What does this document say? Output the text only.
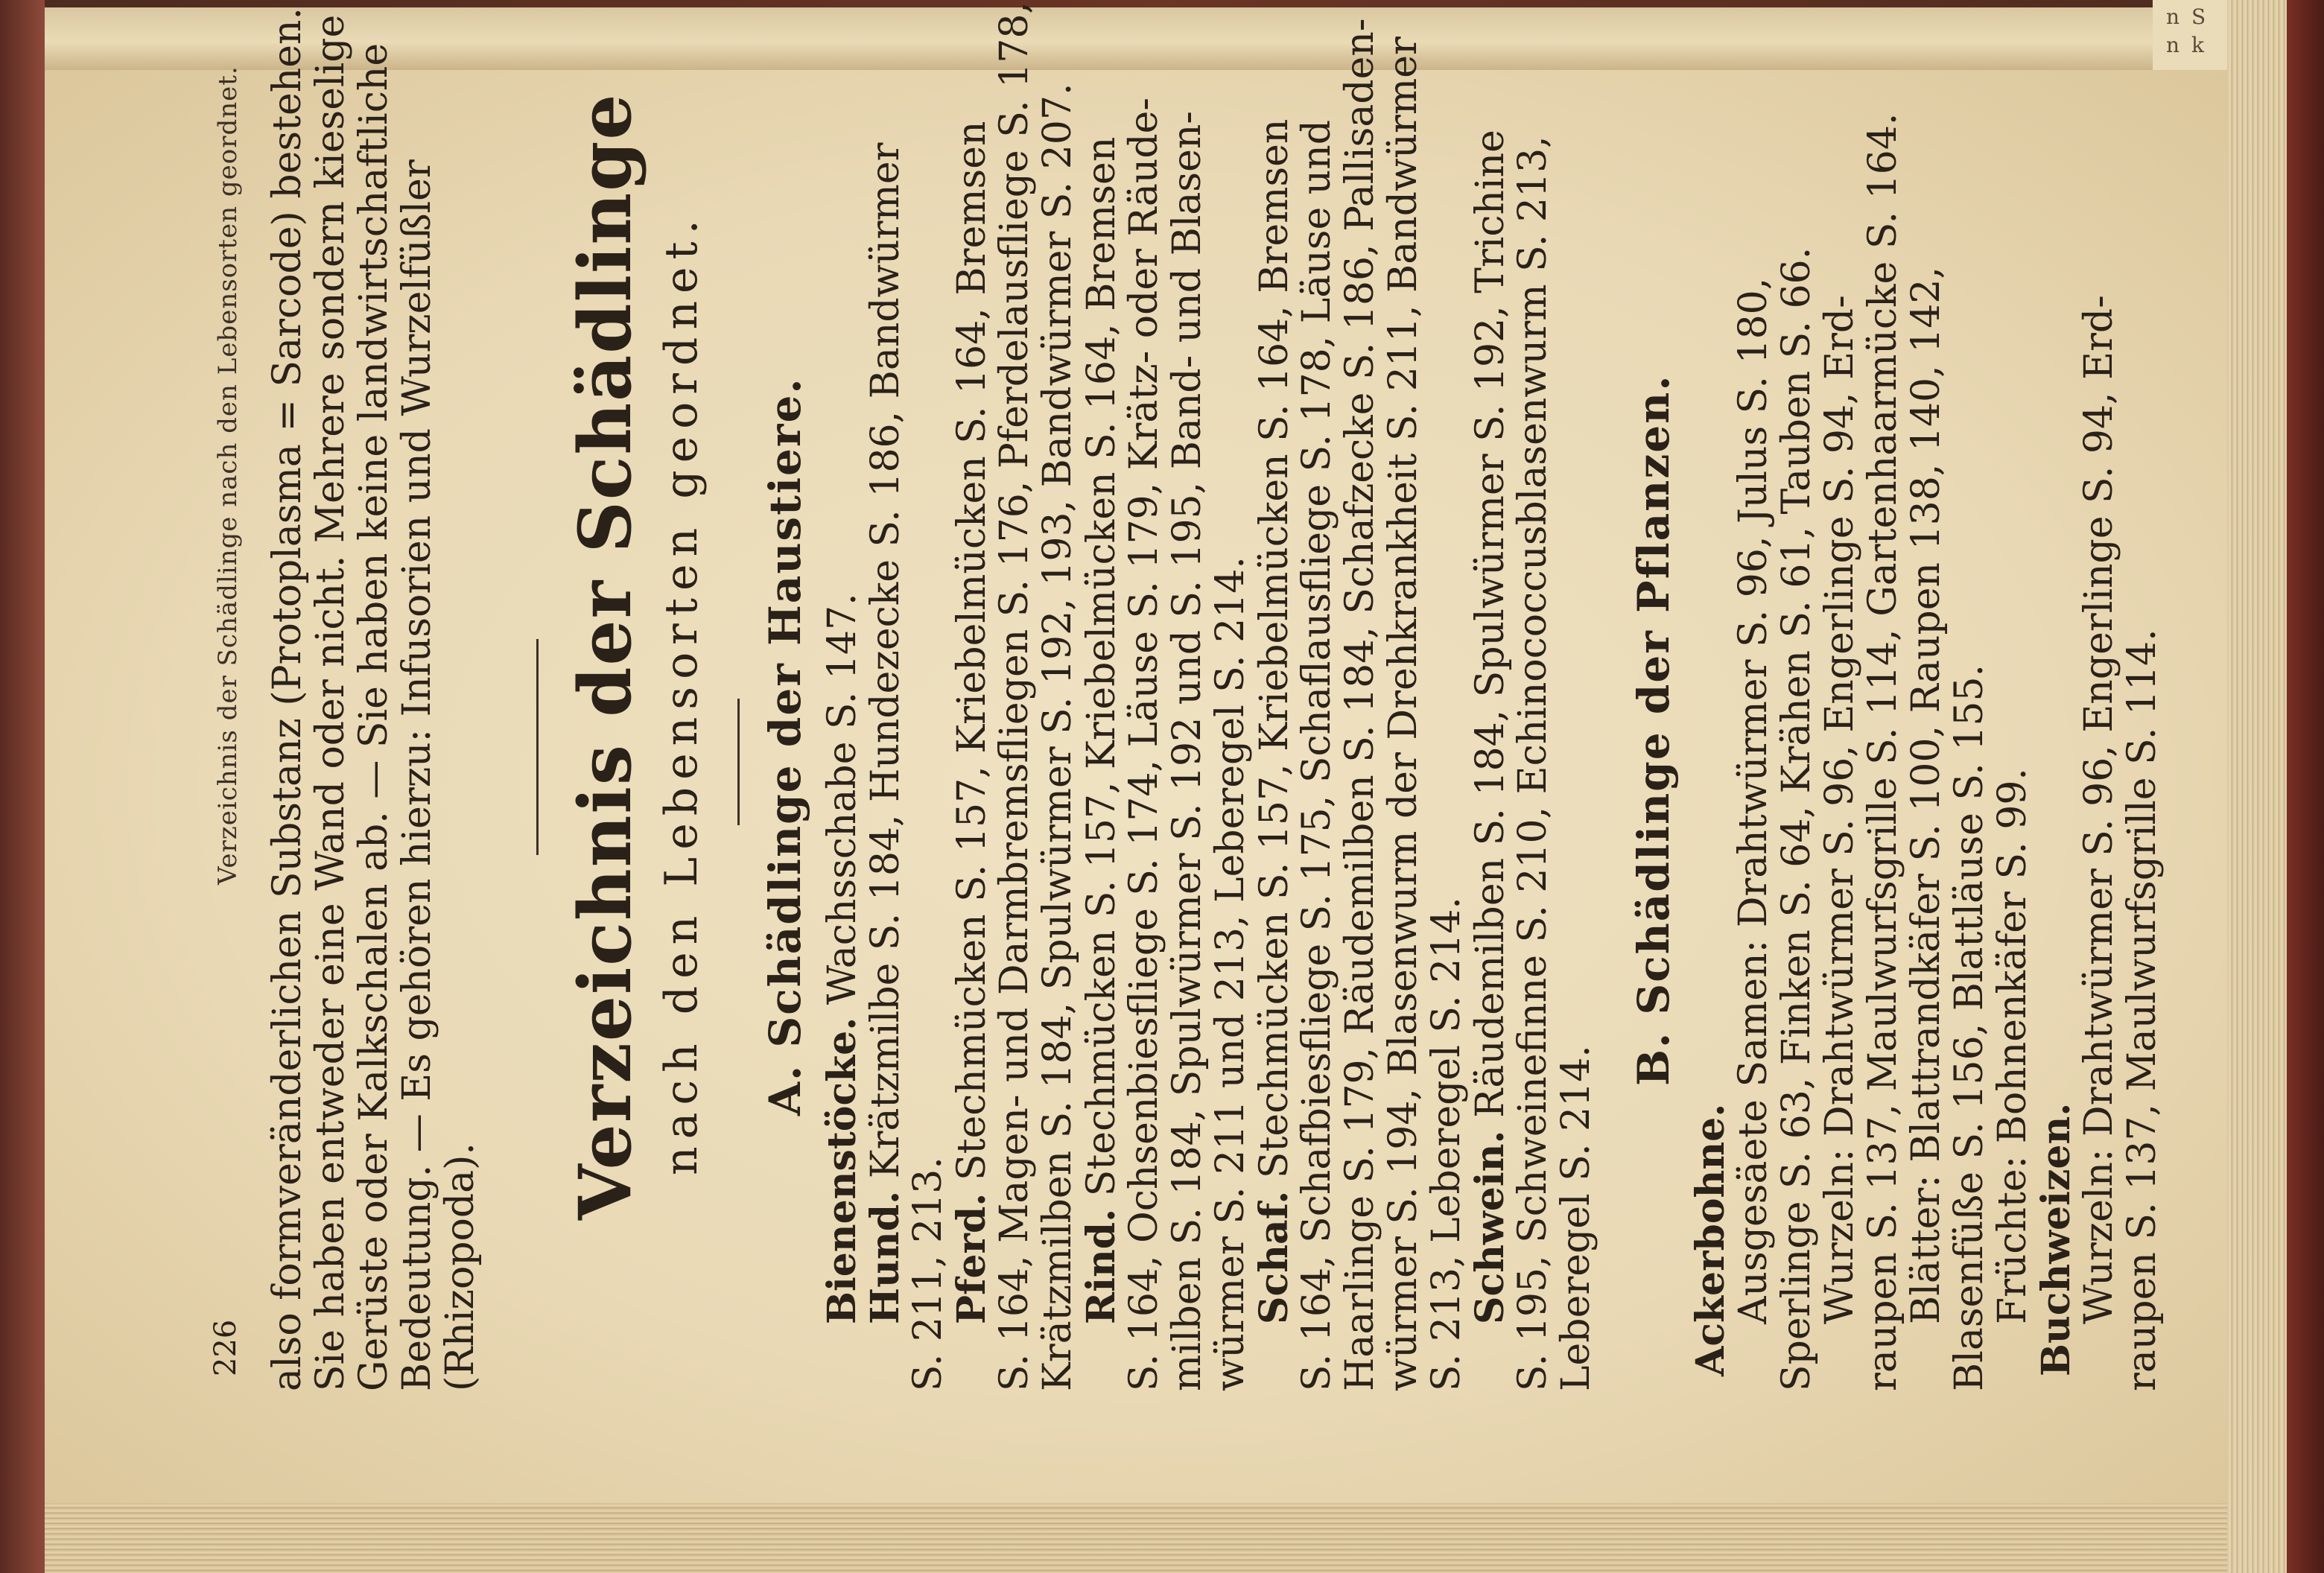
n S
n k
226
Verzeichnis der Schädlinge nach den Lebensorten geordnet. also formveränderlichen Substanz (Protoplasma = Sarcode) bestehen.
Sie haben entweder eine Wand oder nicht. Mehrere sondern kieselige
Gerüste oder Kalkschalen ab. — Sie haben keine landwirtschaftliche
Bedeutung. — Es gehören hierzu: Infusorien und Wurzelfüßler
(Rhizopoda).
Verzeichnis der Schädlinge nach den Lebensorten geordnet. A. Schädlinge der Haustiere.
Bienenstöcke. Wachsschabe S. 147.
Hund. Krätzmilbe S. 184, Hundezecke S. 186, Bandwürmer
S. 211, 213.
Pferd. Stechmücken S. 157, Kriebelmücken S. 164, Bremsen
S. 164, Magen- und Darmbremsfliegen S. 176, Pferdelausfliege S. 178,
Krätzmilben S. 184, Spulwürmer S. 192, 193, Bandwürmer S. 207.
Rind. Stechmücken S. 157, Kriebelmücken S. 164, Bremsen
S. 164, Ochsenbiesfliege S. 174, Läuse S. 179, Krätz- oder Räude-
milben S. 184, Spulwürmer S. 192 und S. 195, Band- und Blasen-
würmer S. 211 und 213, Leberegel S. 214.
Schaf. Stechmücken S. 157, Kriebelmücken S. 164, Bremsen
S. 164, Schafbiesfliege S. 175, Schaflausfliege S. 178, Läuse und
Haarlinge S. 179, Räudemilben S. 184, Schafzecke S. 186, Pallisaden-
würmer S. 194, Blasenwurm der Drehkrankheit S. 211, Bandwürmer
S. 213, Leberegel S. 214.
Schwein. Räudemilben S. 184, Spulwürmer S. 192, Trichine
S. 195, Schweinefinne S. 210, Echinococcusblasenwurm S. 213,
Leberegel S. 214.
B. Schädlinge der Pflanzen.
Ackerbohne.
Ausgesäete Samen: Drahtwürmer S. 96, Julus S. 180,
Sperlinge S. 63, Finken S. 64, Krähen S. 61, Tauben S. 66.
Wurzeln: Drahtwürmer S. 96, Engerlinge S. 94, Erd-
raupen S. 137, Maulwurfsgrille S. 114, Gartenhaarmücke S. 164.
Blätter: Blattrandkäfer S. 100, Raupen 138, 140, 142,
Blasenfüße S. 156, Blattläuse S. 155.
Früchte: Bohnenkäfer S. 99.
Buchweizen.
Wurzeln: Drahtwürmer S. 96, Engerlinge S. 94, Erd-
raupen S. 137, Maulwurfsgrille S. 114.
